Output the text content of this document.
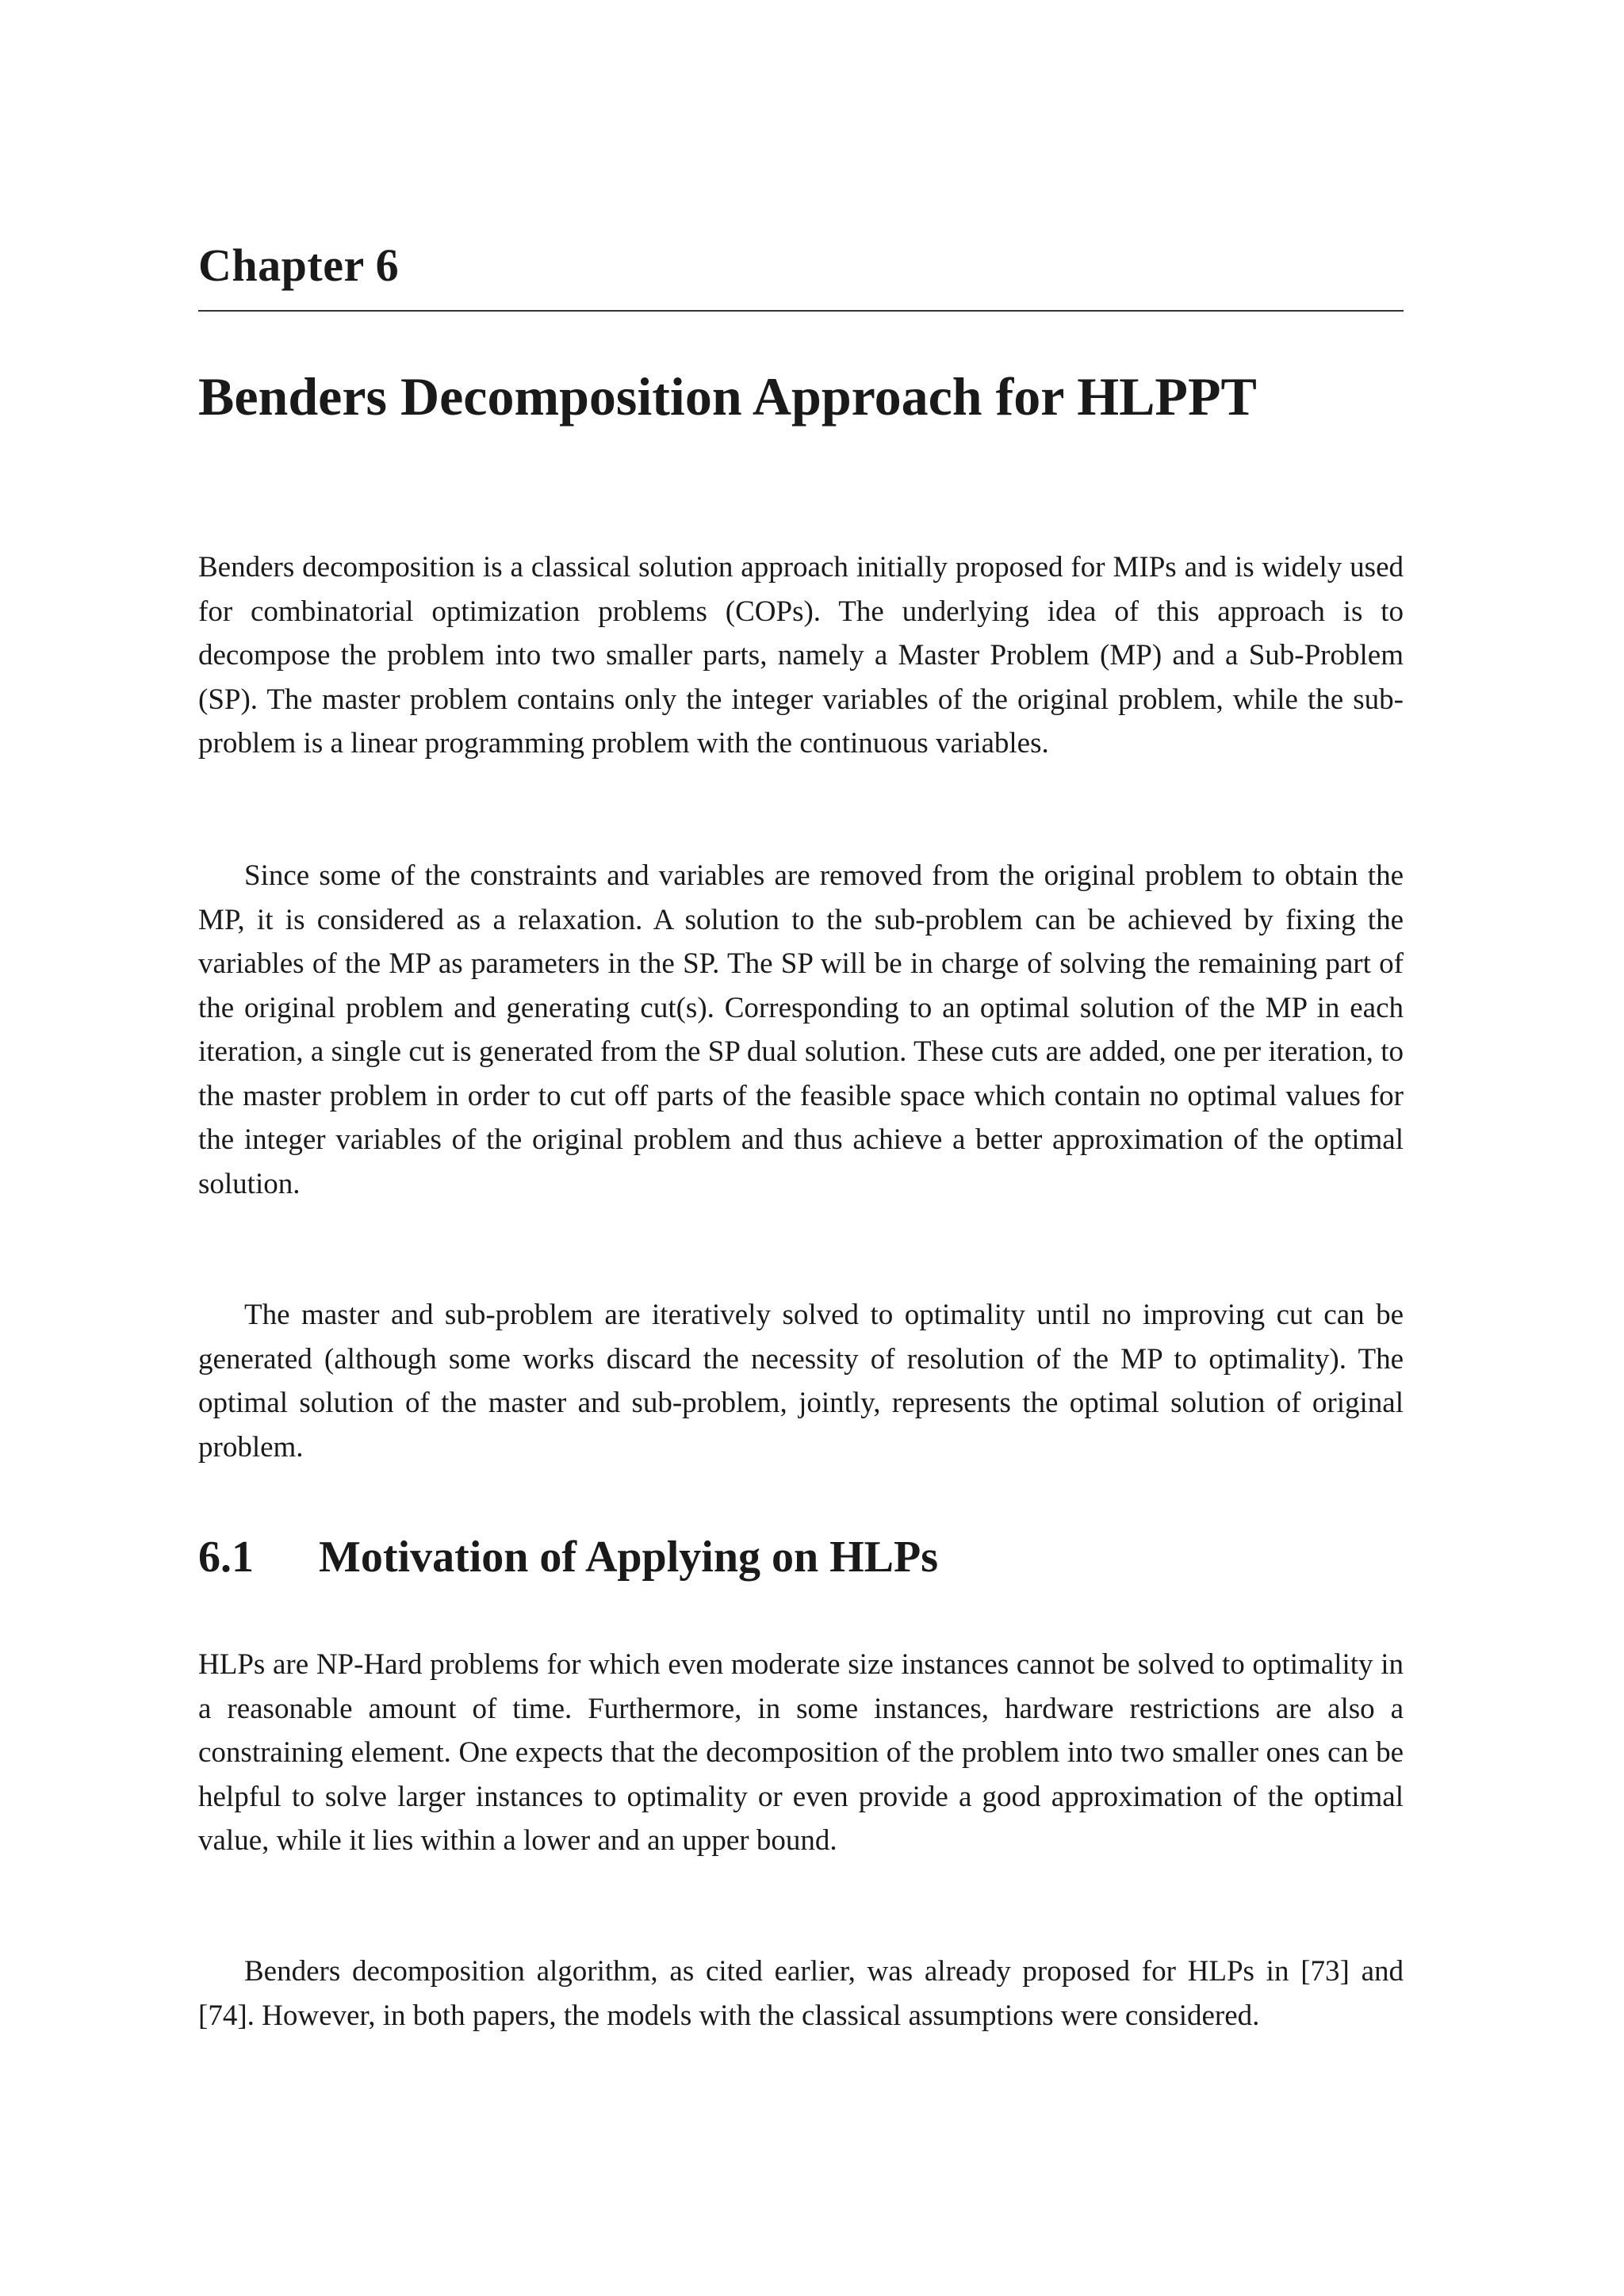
Chapter 6
Benders Decomposition Approach for HLPPT

Benders decomposition is a classical solution approach initially proposed for MIPs and is widely used for combinatorial optimization problems (COPs). The underlying idea of this approach is to decompose the problem into two smaller parts, namely a Master Problem (MP) and a Sub-Problem (SP). The master problem contains only the integer variables of the original problem, while the sub-problem is a linear programming problem with the continuous variables.

Since some of the constraints and variables are removed from the original problem to obtain the MP, it is considered as a relaxation. A solution to the sub-problem can be achieved by fixing the variables of the MP as parameters in the SP. The SP will be in charge of solving the remaining part of the original problem and generating cut(s). Corresponding to an optimal solution of the MP in each iteration, a single cut is generated from the SP dual solution. These cuts are added, one per iteration, to the master problem in order to cut off parts of the feasible space which contain no optimal values for the integer variables of the original problem and thus achieve a better approximation of the optimal solution.

The master and sub-problem are iteratively solved to optimality until no improving cut can be generated (although some works discard the necessity of resolution of the MP to optimality). The optimal solution of the master and sub-problem, jointly, represents the optimal solution of original problem.

6.1 Motivation of Applying on HLPs

HLPs are NP-Hard problems for which even moderate size instances cannot be solved to optimality in a reasonable amount of time. Furthermore, in some instances, hardware restrictions are also a constraining element. One expects that the decomposition of the problem into two smaller ones can be helpful to solve larger instances to optimality or even provide a good approximation of the optimal value, while it lies within a lower and an upper bound.

Benders decomposition algorithm, as cited earlier, was already proposed for HLPs in [73] and [74]. However, in both papers, the models with the classical assumptions were considered.
